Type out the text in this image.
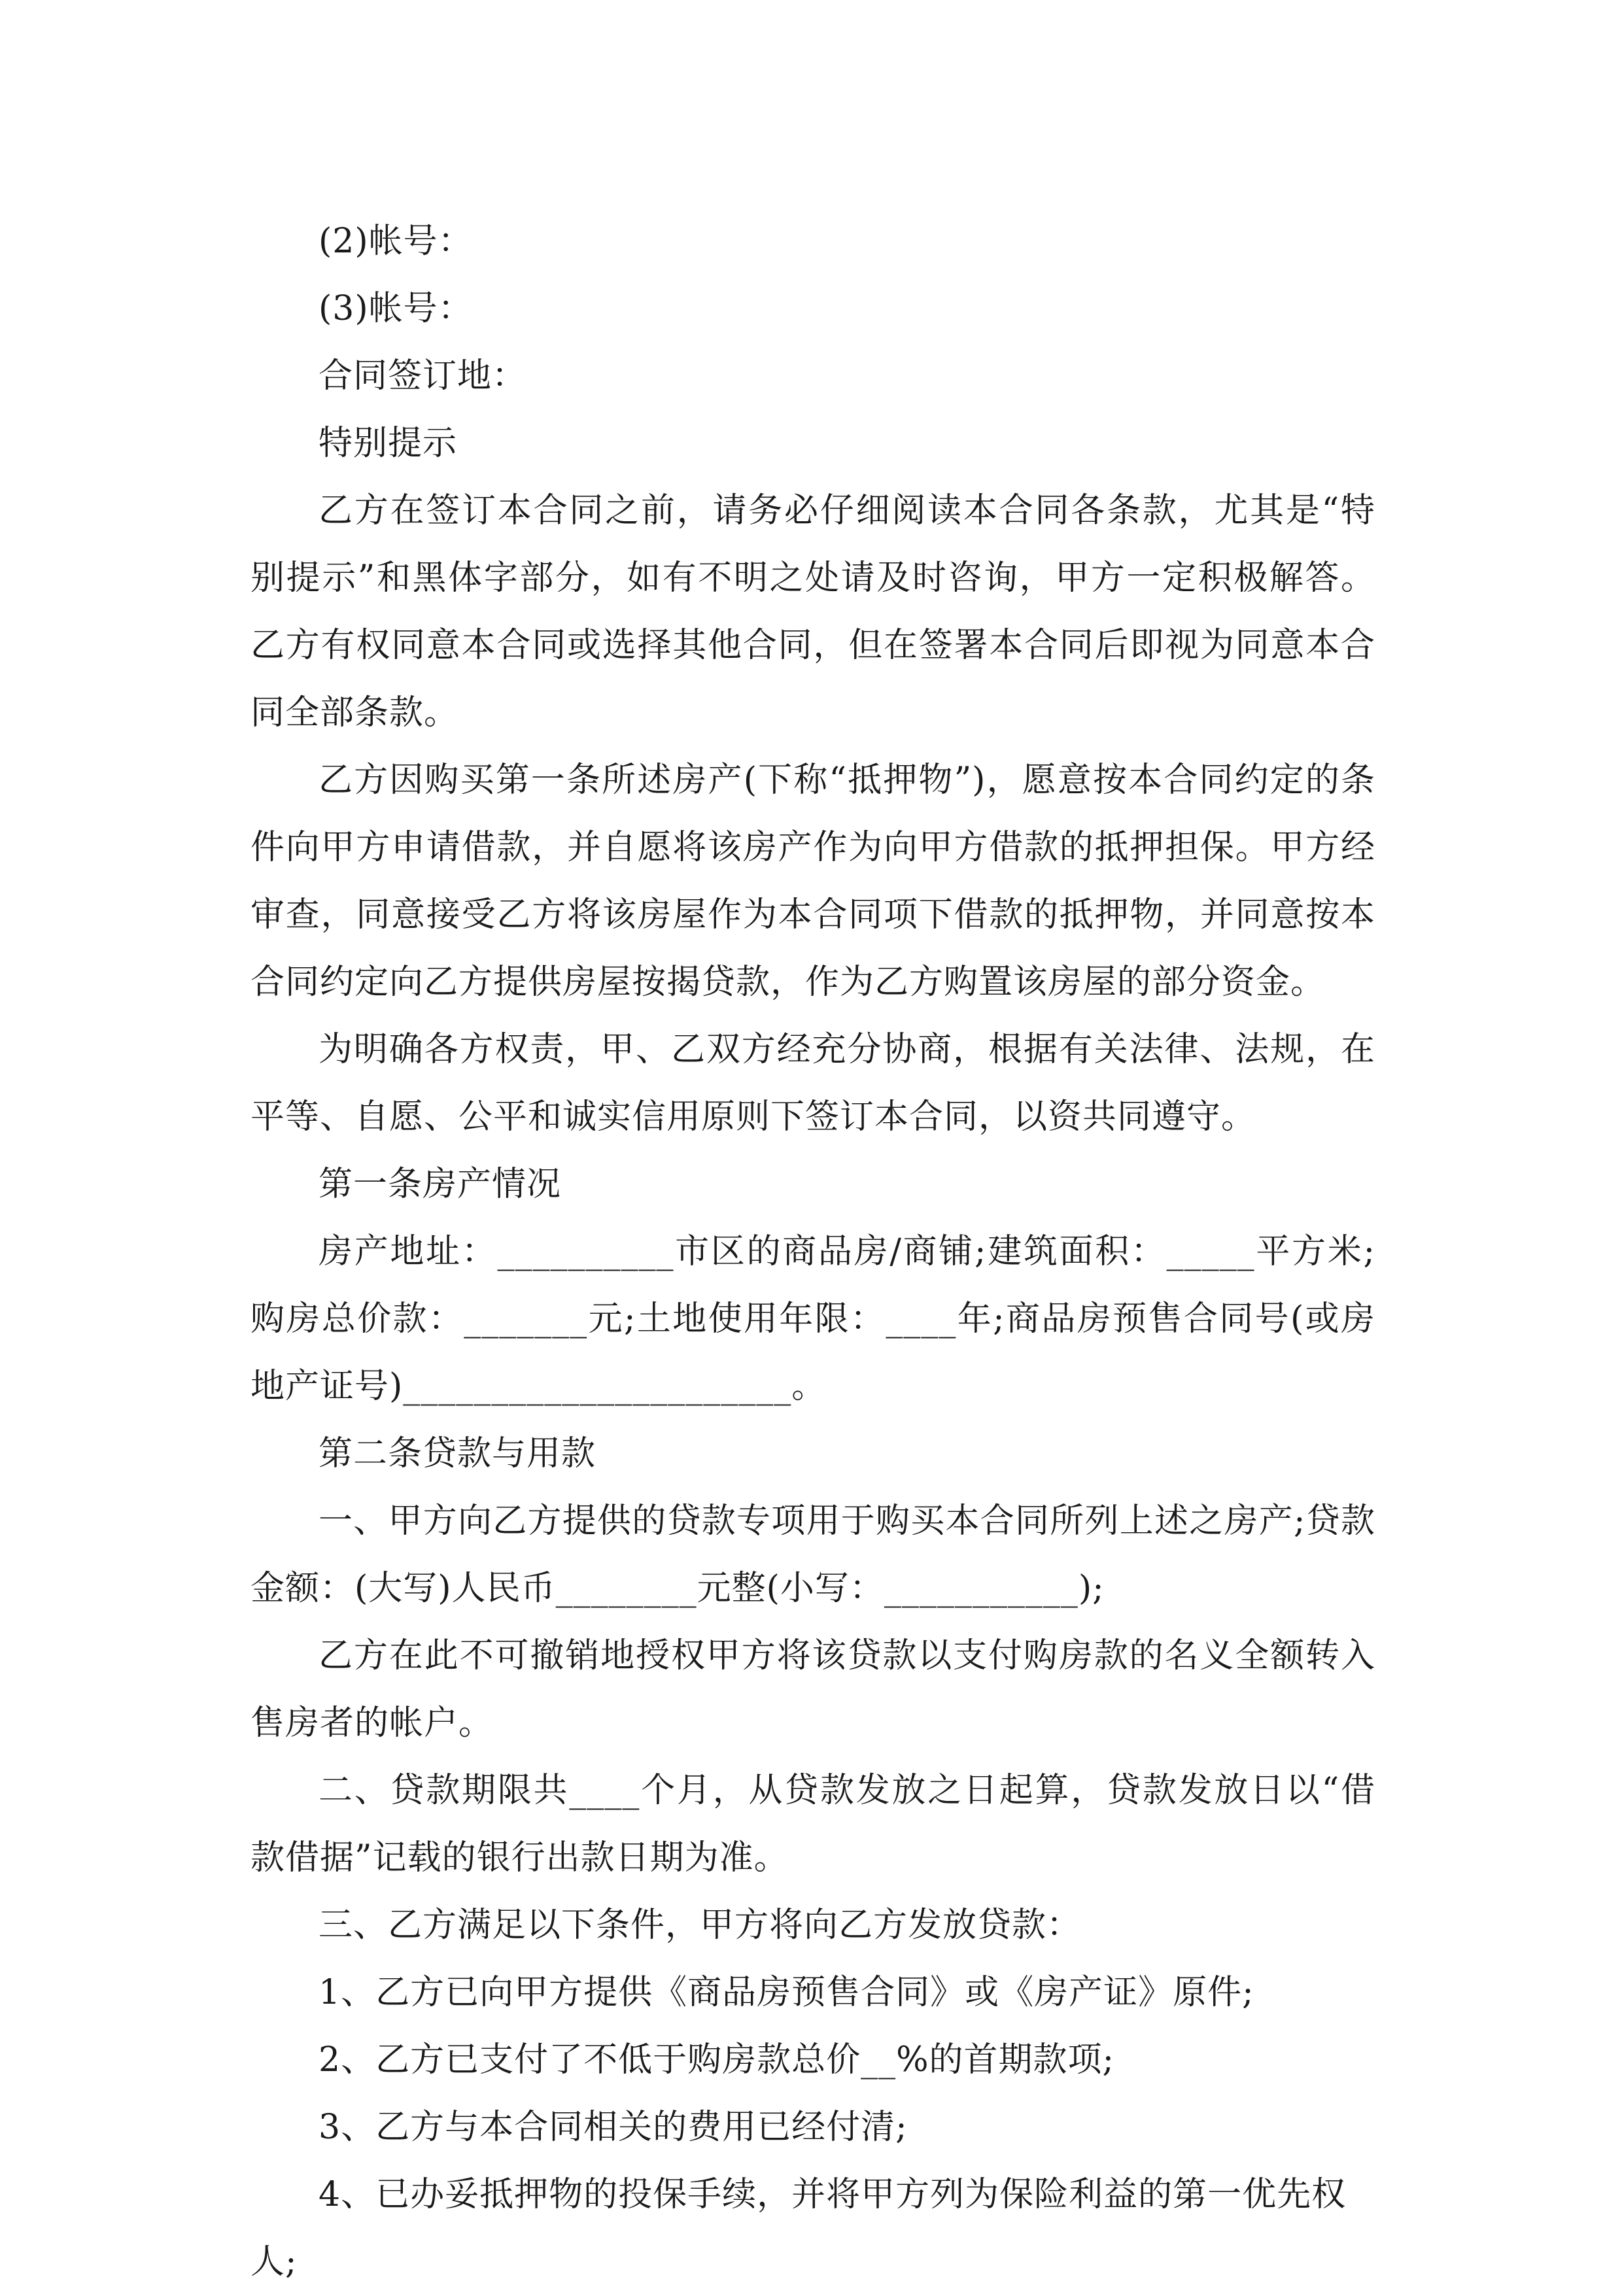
(2)帐号：

(3)帐号：

合同签订地：

特别提示

乙方在签订本合同之前，请务必仔细阅读本合同各条款，尤其是“特别提示”和黑体字部分，如有不明之处请及时咨询，甲方一定积极解答。乙方有权同意本合同或选择其他合同，但在签署本合同后即视为同意本合同全部条款。

乙方因购买第一条所述房产(下称“抵押物”)，愿意按本合同约定的条件向甲方申请借款，并自愿将该房产作为向甲方借款的抵押担保。甲方经审查，同意接受乙方将该房屋作为本合同项下借款的抵押物，并同意按本合同约定向乙方提供房屋按揭贷款，作为乙方购置该房屋的部分资金。

为明确各方权责，甲、乙双方经充分协商，根据有关法律、法规，在平等、自愿、公平和诚实信用原则下签订本合同，以资共同遵守。

第一条房产情况

房产地址：__________市区的商品房/商铺;建筑面积：_____平方米;购房总价款：_______元;土地使用年限：____年;商品房预售合同号(或房地产证号)______________________。

第二条贷款与用款

一、甲方向乙方提供的贷款专项用于购买本合同所列上述之房产;贷款金额：(大写)人民币________元整(小写：___________);

乙方在此不可撤销地授权甲方将该贷款以支付购房款的名义全额转入售房者的帐户。

二、贷款期限共____个月，从贷款发放之日起算，贷款发放日以“借款借据”记载的银行出款日期为准。

三、乙方满足以下条件，甲方将向乙方发放贷款：

1、乙方已向甲方提供《商品房预售合同》或《房产证》原件;

2、乙方已支付了不低于购房款总价__%的首期款项;

3、乙方与本合同相关的费用已经付清;

4、已办妥抵押物的投保手续，并将甲方列为保险利益的第一优先权人;
